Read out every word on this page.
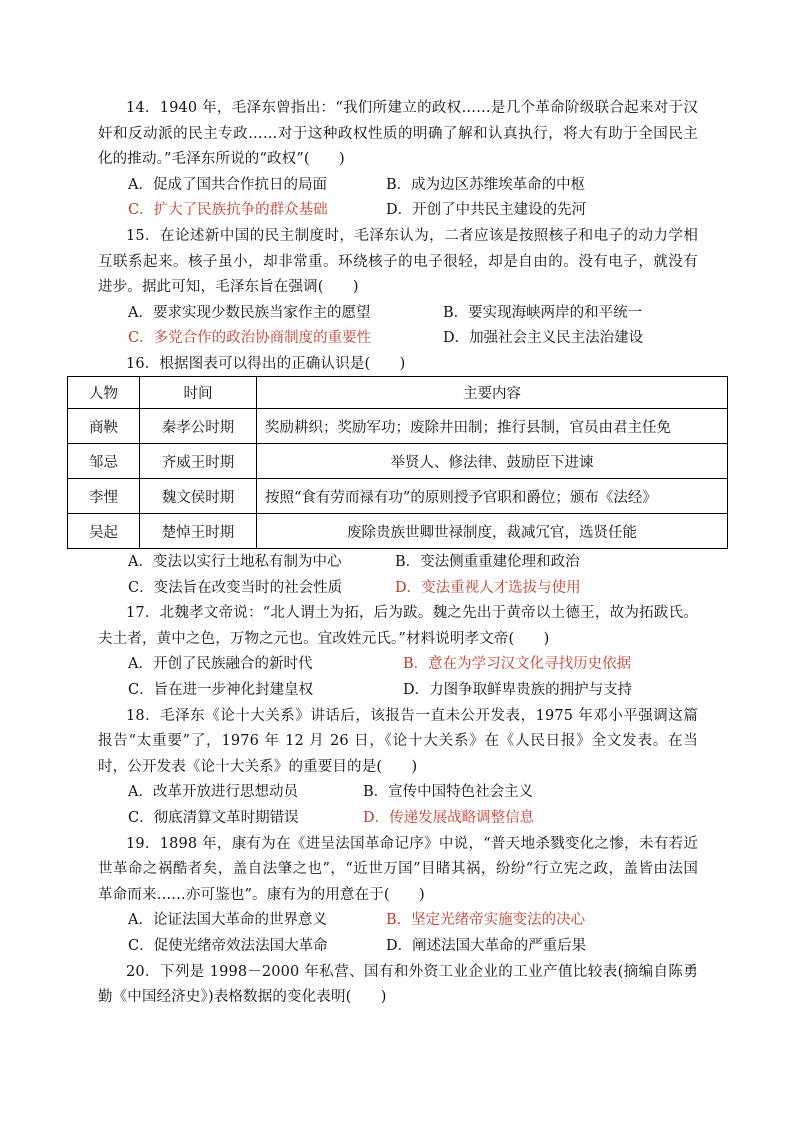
14．1940 年，毛泽东曾指出：“我们所建立的政权……是几个革命阶级联合起来对于汉奸和反动派的民主专政……对于这种政权性质的明确了解和认真执行，将大有助于全国民主化的推动。”毛泽东所说的“政权”(　　)

A．促成了国共合作抗日的局面	B．成为边区苏维埃革命的中枢
C．扩大了民族抗争的群众基础	D．开创了中共民主建设的先河

15．在论述新中国的民主制度时，毛泽东认为，二者应该是按照核子和电子的动力学相互联系起来。核子虽小，却非常重。环绕核子的电子很轻，却是自由的。没有电子，就没有进步。据此可知，毛泽东旨在强调(　　)

A．要求实现少数民族当家作主的愿望	B．要实现海峡两岸的和平统一
C．多党合作的政治协商制度的重要性	D．加强社会主义民主法治建设

16．根据图表可以得出的正确认识是(　　)

人物	时间	主要内容
商鞅	秦孝公时期	奖励耕织；奖励军功；废除井田制；推行县制，官员由君主任免
邹忌	齐威王时期	举贤人、修法律、鼓励臣下进谏
李悝	魏文侯时期	按照“食有劳而禄有功”的原则授予官职和爵位；颁布《法经》
吴起	楚悼王时期	废除贵族世卿世禄制度，裁减冗官，选贤任能
A．变法以实行土地私有制为中心	B．变法侧重重建伦理和政治
C．变法旨在改变当时的社会性质	D．变法重视人才选拔与使用

17．北魏孝文帝说：“北人谓土为拓，后为跋。魏之先出于黄帝以土德王，故为拓跋氏。夫土者，黄中之色，万物之元也。宜改姓元氏。”材料说明孝文帝(　　)

A．开创了民族融合的新时代	B．意在为学习汉文化寻找历史依据
C．旨在进一步神化封建皇权	D．力图争取鲜卑贵族的拥护与支持

18．毛泽东《论十大关系》讲话后，该报告一直未公开发表，1975 年邓小平强调这篇报告“太重要”了，1976 年 12 月 26 日，《论十大关系》在《人民日报》全文发表。在当时，公开发表《论十大关系》的重要目的是(　　)

A．改革开放进行思想动员	B．宣传中国特色社会主义
C．彻底清算文革时期错误	D．传递发展战略调整信息

19．1898 年，康有为在《进呈法国革命记序》中说，“普天地杀戮变化之惨，未有若近世革命之祸酷者矣，盖自法肇之也”，“近世万国”目睹其祸，纷纷“行立宪之政，盖皆由法国革命而来……亦可鉴也”。康有为的用意在于(　　)

A．论证法国大革命的世界意义	B．坚定光绪帝实施变法的决心
C．促使光绪帝效法法国大革命	D．阐述法国大革命的严重后果

20．下列是 1998－2000 年私营、国有和外资工业企业的工业产值比较表(摘编自陈勇勤《中国经济史》)表格数据的变化表明(　　)
